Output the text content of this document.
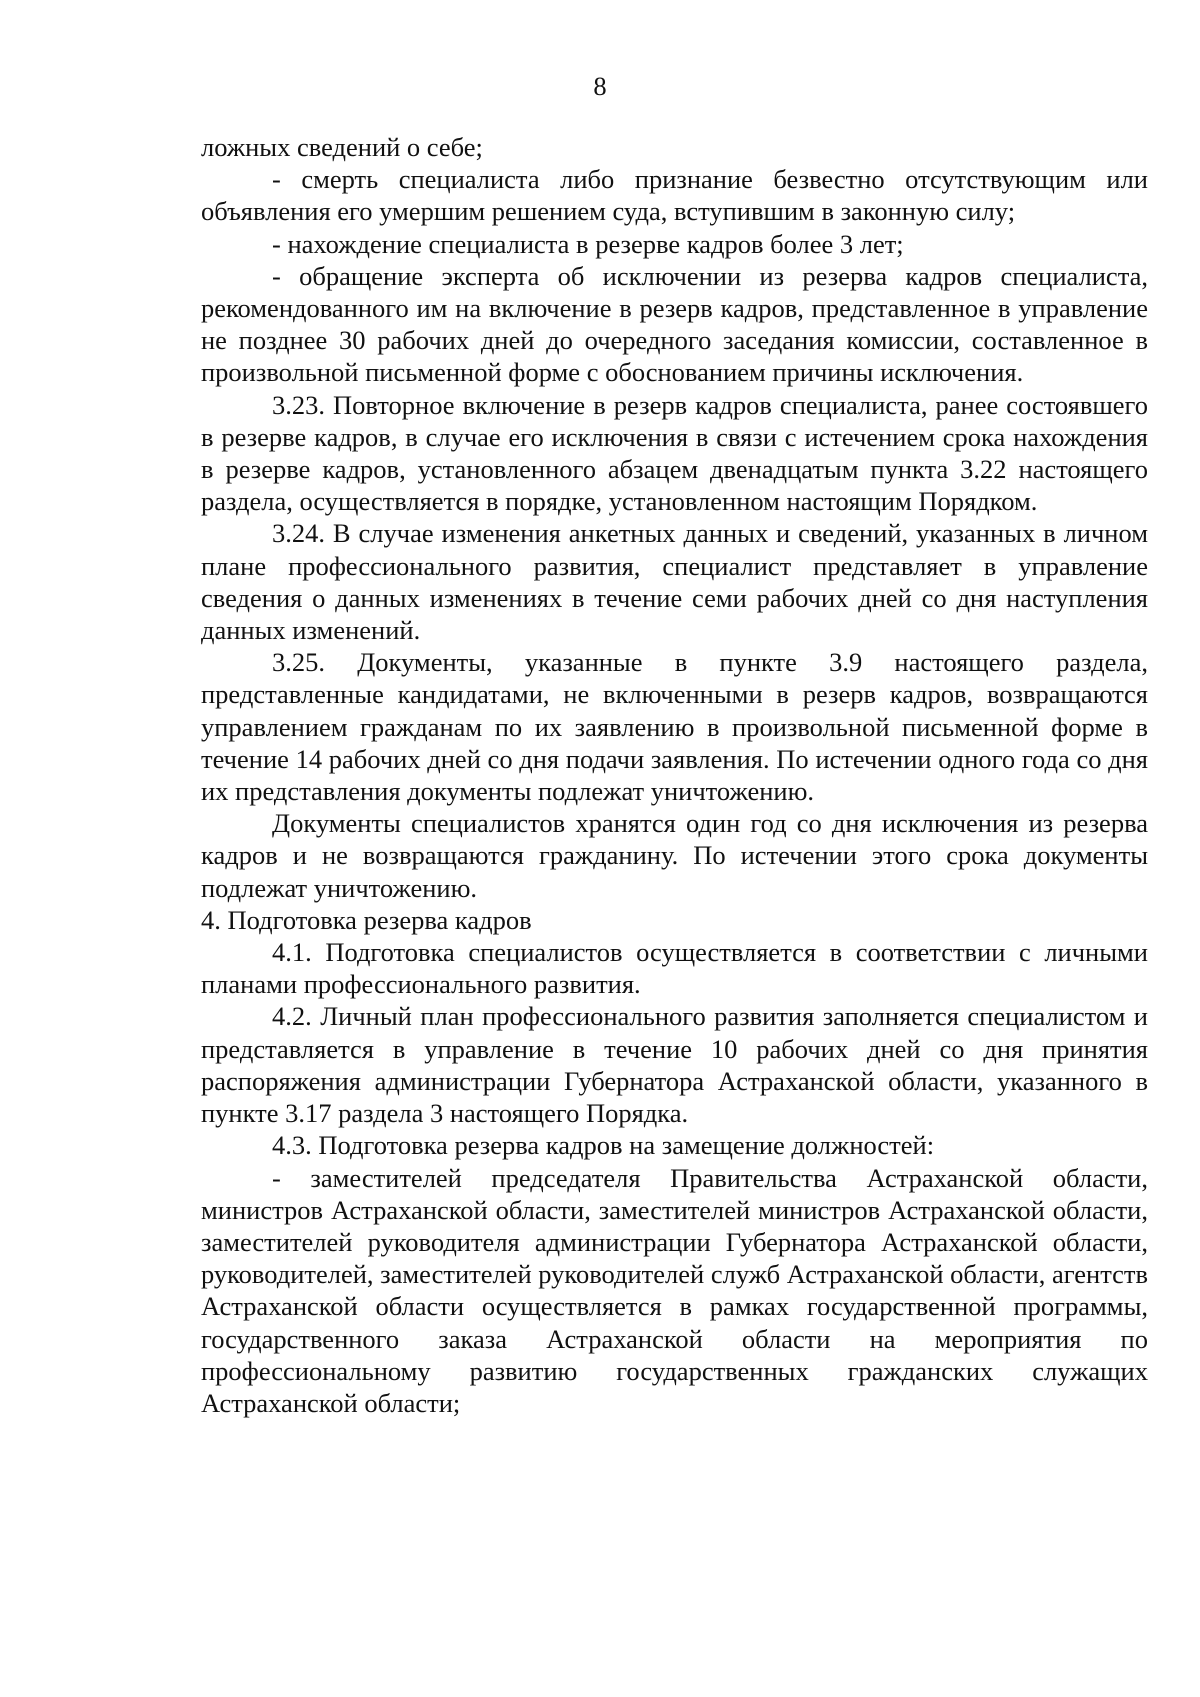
8

ложных сведений о себе;

- смерть специалиста либо признание безвестно отсутствующим или объявления его умершим решением суда, вступившим в законную силу;

- нахождение специалиста в резерве кадров более 3 лет;

- обращение эксперта об исключении из резерва кадров специалиста, рекомендованного им на включение в резерв кадров, представленное в управление не позднее 30 рабочих дней до очередного заседания комиссии, составленное в произвольной письменной форме с обоснованием причины исключения.

3.23. Повторное включение в резерв кадров специалиста, ранее состоявшего в резерве кадров, в случае его исключения в связи с истечением срока нахождения в резерве кадров, установленного абзацем двенадцатым пункта 3.22 настоящего раздела, осуществляется в порядке, установленном настоящим Порядком.

3.24. В случае изменения анкетных данных и сведений, указанных в личном плане профессионального развития, специалист представляет в управление сведения о данных изменениях в течение семи рабочих дней со дня наступления данных изменений.

3.25. Документы, указанные в пункте 3.9 настоящего раздела, представленные кандидатами, не включенными в резерв кадров, возвращаются управлением гражданам по их заявлению в произвольной письменной форме в течение 14 рабочих дней со дня подачи заявления. По истечении одного года со дня их представления документы подлежат уничтожению.

Документы специалистов хранятся один год со дня исключения из резерва кадров и не возвращаются гражданину. По истечении этого срока документы подлежат уничтожению.

4. Подготовка резерва кадров

4.1. Подготовка специалистов осуществляется в соответствии с личными планами профессионального развития.

4.2. Личный план профессионального развития заполняется специалистом и представляется в управление в течение 10 рабочих дней со дня принятия распоряжения администрации Губернатора Астраханской области, указанного в пункте 3.17 раздела 3 настоящего Порядка.

4.3. Подготовка резерва кадров на замещение должностей:

- заместителей председателя Правительства Астраханской области, министров Астраханской области, заместителей министров Астраханской области, заместителей руководителя администрации Губернатора Астраханской области, руководителей, заместителей руководителей служб Астраханской области, агентств Астраханской области осуществляется в рамках государственной программы, государственного заказа Астраханской области на мероприятия по профессиональному развитию государственных гражданских служащих Астраханской области;
